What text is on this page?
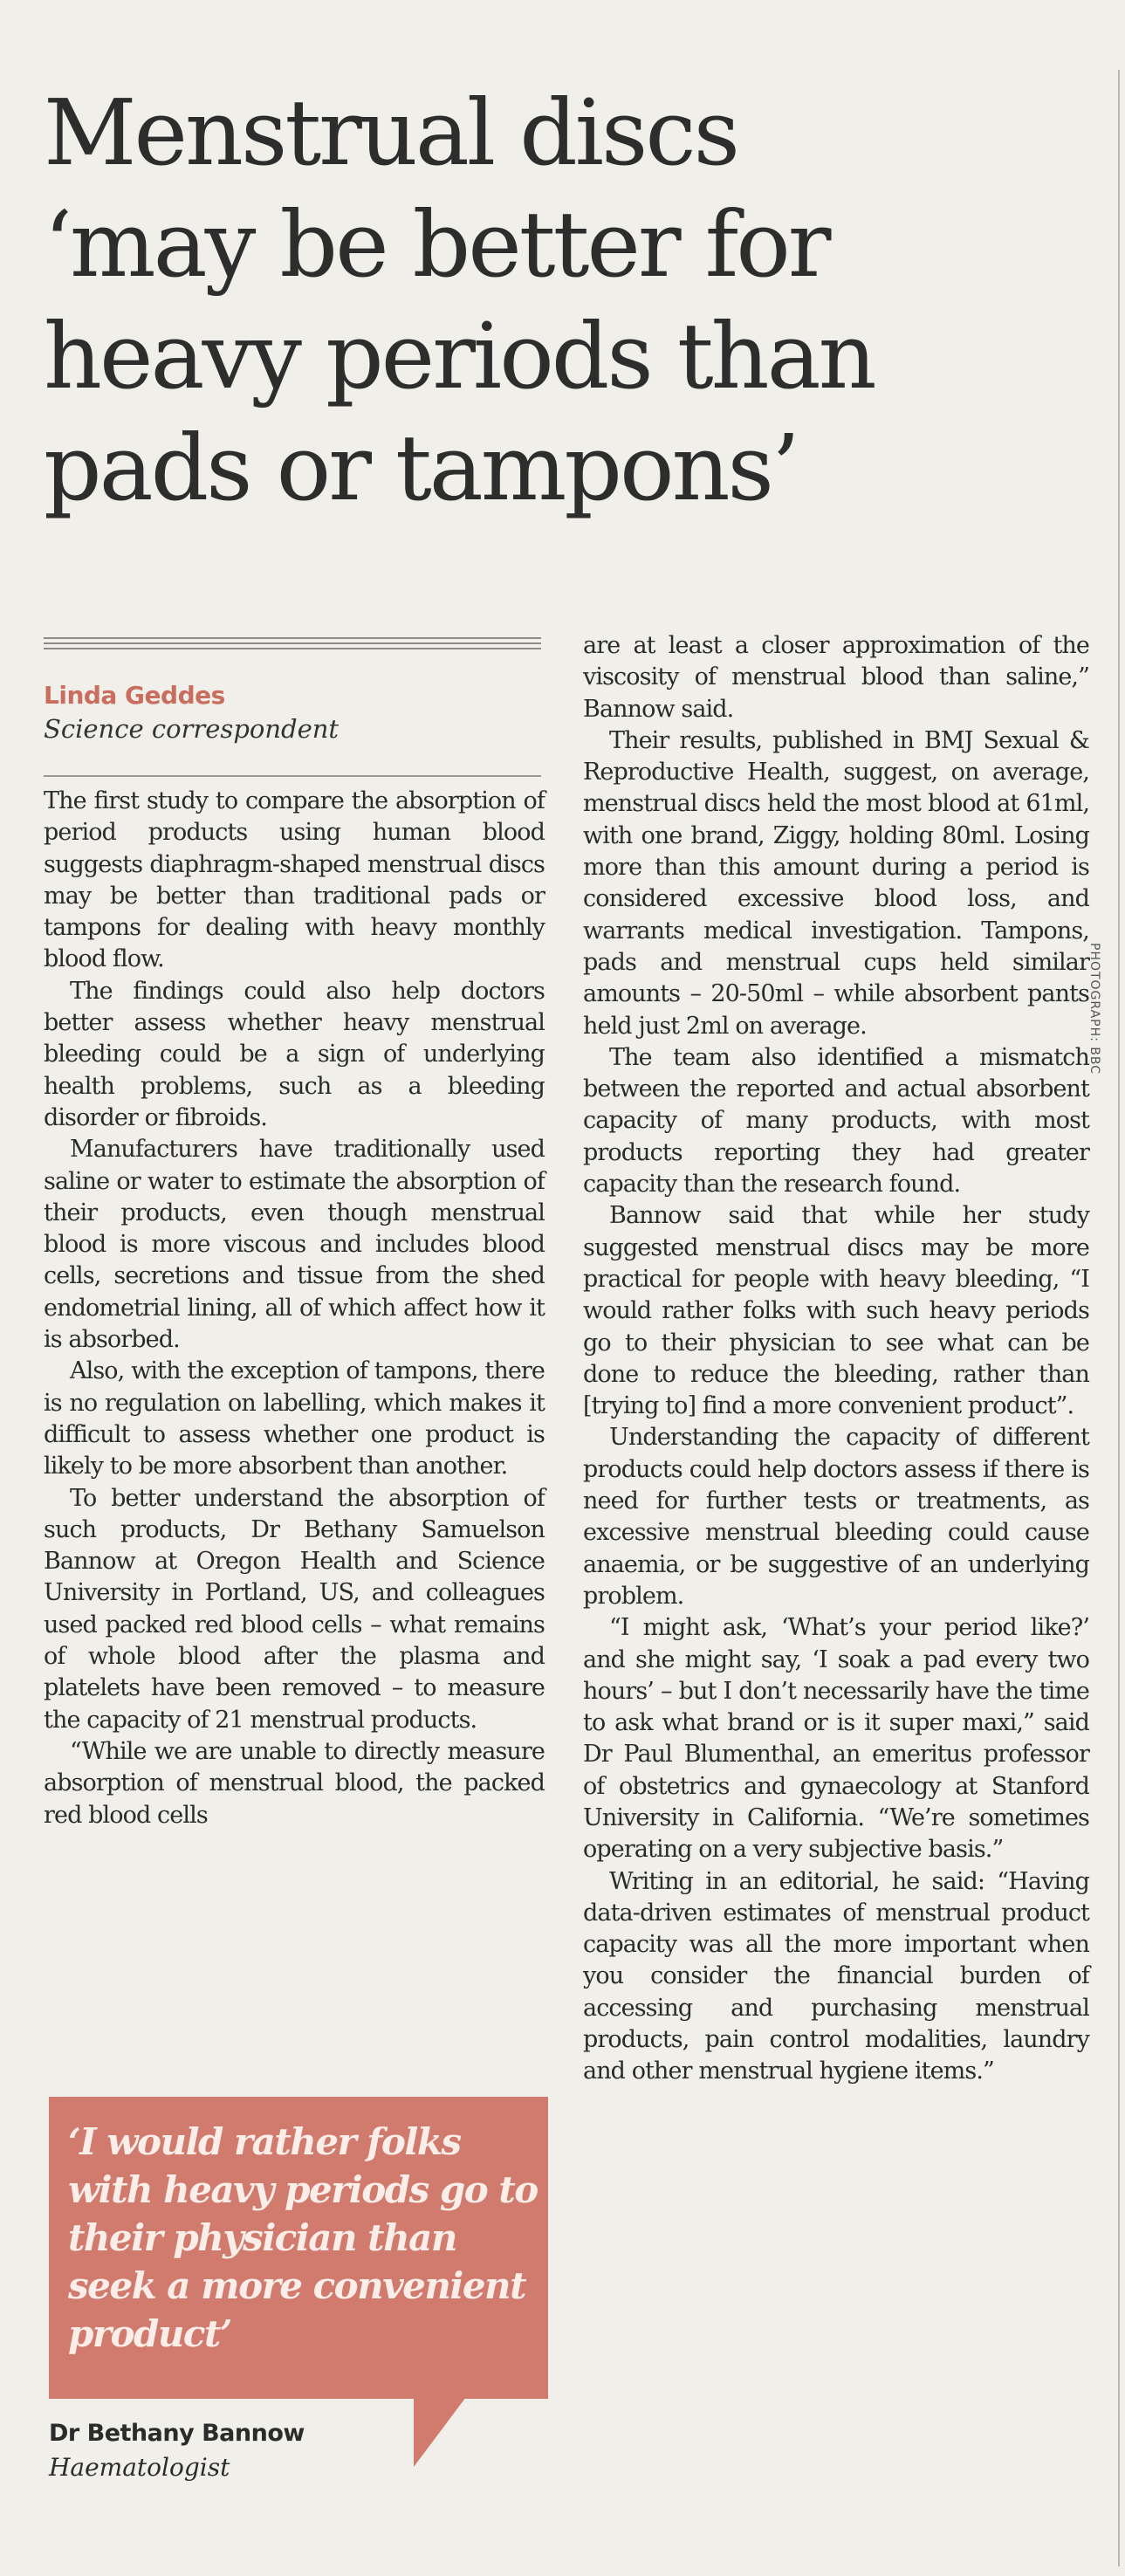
PHOTOGRAPH: BBC
Menstrual discs
‘may be better for
heavy periods than
pads or tampons’
Linda Geddes
Science correspondent

The first study to compare the absorption of period products using human blood suggests diaphragm-shaped menstrual discs may be better than traditional pads or tampons for dealing with heavy monthly blood flow.

The findings could also help doctors better assess whether heavy menstrual bleeding could be a sign of underlying health problems, such as a bleeding disorder or fibroids.

Manufacturers have traditionally used saline or water to estimate the absorption of their products, even though menstrual blood is more viscous and includes blood cells, secretions and tissue from the shed endometrial lining, all of which affect how it is absorbed.

Also, with the exception of tampons, there is no regulation on labelling, which makes it difficult to assess whether one product is likely to be more absorbent than another.

To better understand the absorption of such products, Dr Bethany Samuelson Bannow at Oregon Health and Science University in Portland, US, and colleagues used packed red blood cells – what remains of whole blood after the plasma and platelets have been removed – to measure the capacity of 21 menstrual products.

“While we are unable to directly measure absorption of menstrual blood, the packed red blood cells

are at least a closer approximation of the viscosity of menstrual blood than saline,” Bannow said.

Their results, published in BMJ Sexual & Reproductive Health, suggest, on average, menstrual discs held the most blood at 61ml, with one brand, Ziggy, holding 80ml. Losing more than this amount during a period is considered excessive blood loss, and warrants medical investigation. Tampons, pads and menstrual cups held similar amounts – 20-50ml – while absorbent pants held just 2ml on average.

The team also identified a mismatch between the reported and actual absorbent capacity of many products, with most products reporting they had greater capacity than the research found.

Bannow said that while her study suggested menstrual discs may be more practical for people with heavy bleeding, “I would rather folks with such heavy periods go to their physician to see what can be done to reduce the bleeding, rather than [trying to] find a more convenient product”.

Understanding the capacity of different products could help doctors assess if there is need for further tests or treatments, as excessive menstrual bleeding could cause anaemia, or be suggestive of an underlying problem.

“I might ask, ‘What’s your period like?’ and she might say, ‘I soak a pad every two hours’ – but I don’t necessarily have the time to ask what brand or is it super maxi,” said Dr Paul Blumenthal, an emeritus professor of obstetrics and gynaecology at Stanford University in California. “We’re sometimes operating on a very subjective basis.”

Writing in an editorial, he said: “Having data-driven estimates of menstrual product capacity was all the more important when you consider the financial burden of accessing and purchasing menstrual products, pain control modalities, laundry and other menstrual hygiene items.”

‘I would rather folks with heavy periods go to their physician than seek a more convenient product’

Dr Bethany Bannow
Haematologist
